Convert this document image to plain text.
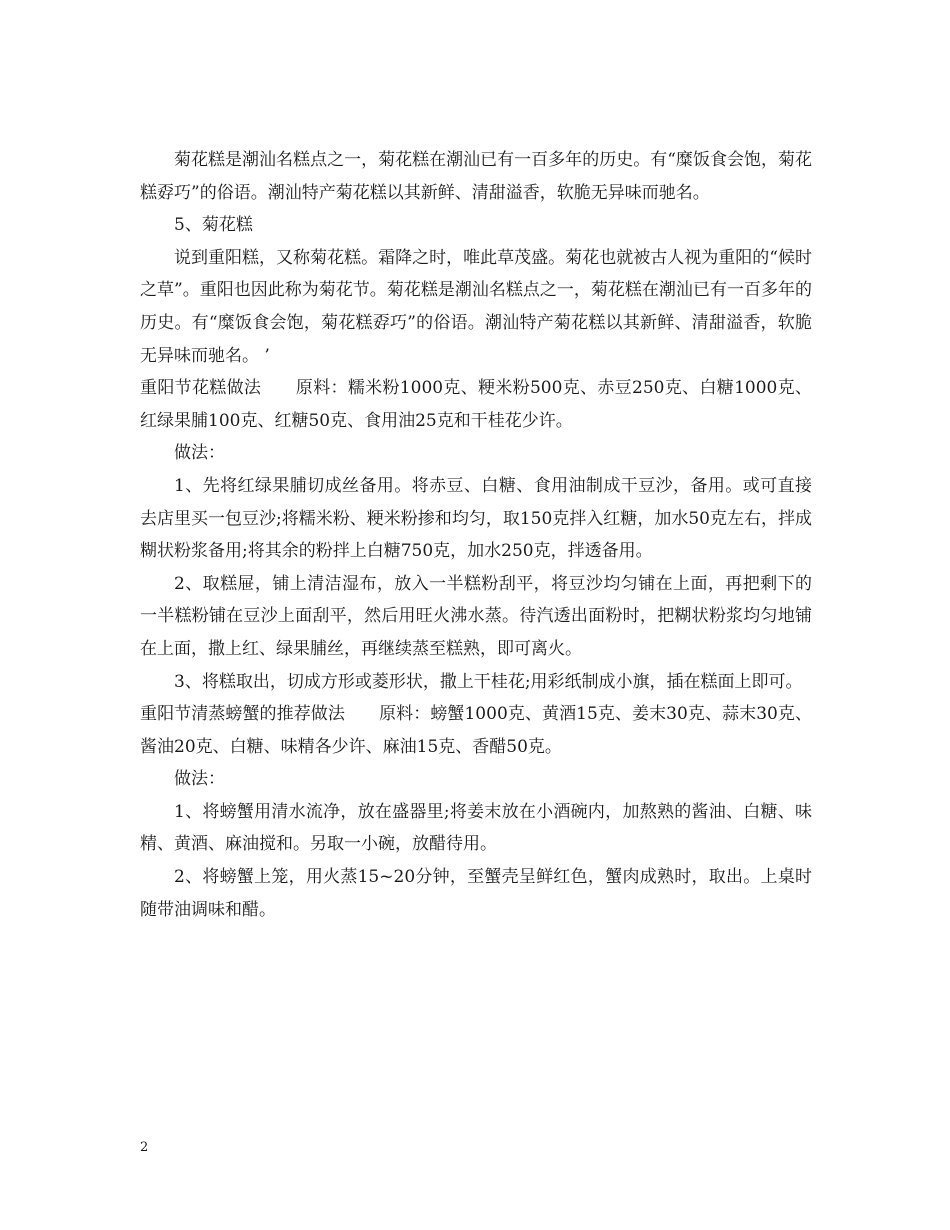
菊花糕是潮汕名糕点之一，菊花糕在潮汕已有一百多年的历史。有“糜饭食会饱，菊花糕孬巧”的俗语。潮汕特产菊花糕以其新鲜、清甜溢香，软脆无异味而驰名。

5、菊花糕

说到重阳糕，又称菊花糕。霜降之时，唯此草茂盛。菊花也就被古人视为重阳的“候时之草”。重阳也因此称为菊花节。菊花糕是潮汕名糕点之一，菊花糕在潮汕已有一百多年的历史。有“糜饭食会饱，菊花糕孬巧”的俗语。潮汕特产菊花糕以其新鲜、清甜溢香，软脆无异味而驰名。 ’

重阳节花糕做法　　原料：糯米粉1000克、粳米粉500克、赤豆250克、白糖1000克、红绿果脯100克、红糖50克、食用油25克和干桂花少许。

做法：

1、先将红绿果脯切成丝备用。将赤豆、白糖、食用油制成干豆沙，备用。或可直接去店里买一包豆沙;将糯米粉、粳米粉掺和均匀，取150克拌入红糖，加水50克左右，拌成糊状粉浆备用;将其余的粉拌上白糖750克，加水250克，拌透备用。

2、取糕屉，铺上清洁湿布，放入一半糕粉刮平，将豆沙均匀铺在上面，再把剩下的一半糕粉铺在豆沙上面刮平，然后用旺火沸水蒸。待汽透出面粉时，把糊状粉浆均匀地铺在上面，撒上红、绿果脯丝，再继续蒸至糕熟，即可离火。

3、将糕取出，切成方形或菱形状，撒上干桂花;用彩纸制成小旗，插在糕面上即可。

重阳节清蒸螃蟹的推荐做法　　原料：螃蟹1000克、黄酒15克、姜末30克、蒜末30克、酱油20克、白糖、味精各少许、麻油15克、香醋50克。

做法：

1、将螃蟹用清水流净，放在盛器里;将姜末放在小酒碗内，加熬熟的酱油、白糖、味精、黄酒、麻油搅和。另取一小碗，放醋待用。

2、将螃蟹上笼，用火蒸15~20分钟，至蟹壳呈鲜红色，蟹肉成熟时，取出。上桌时随带油调味和醋。

2
